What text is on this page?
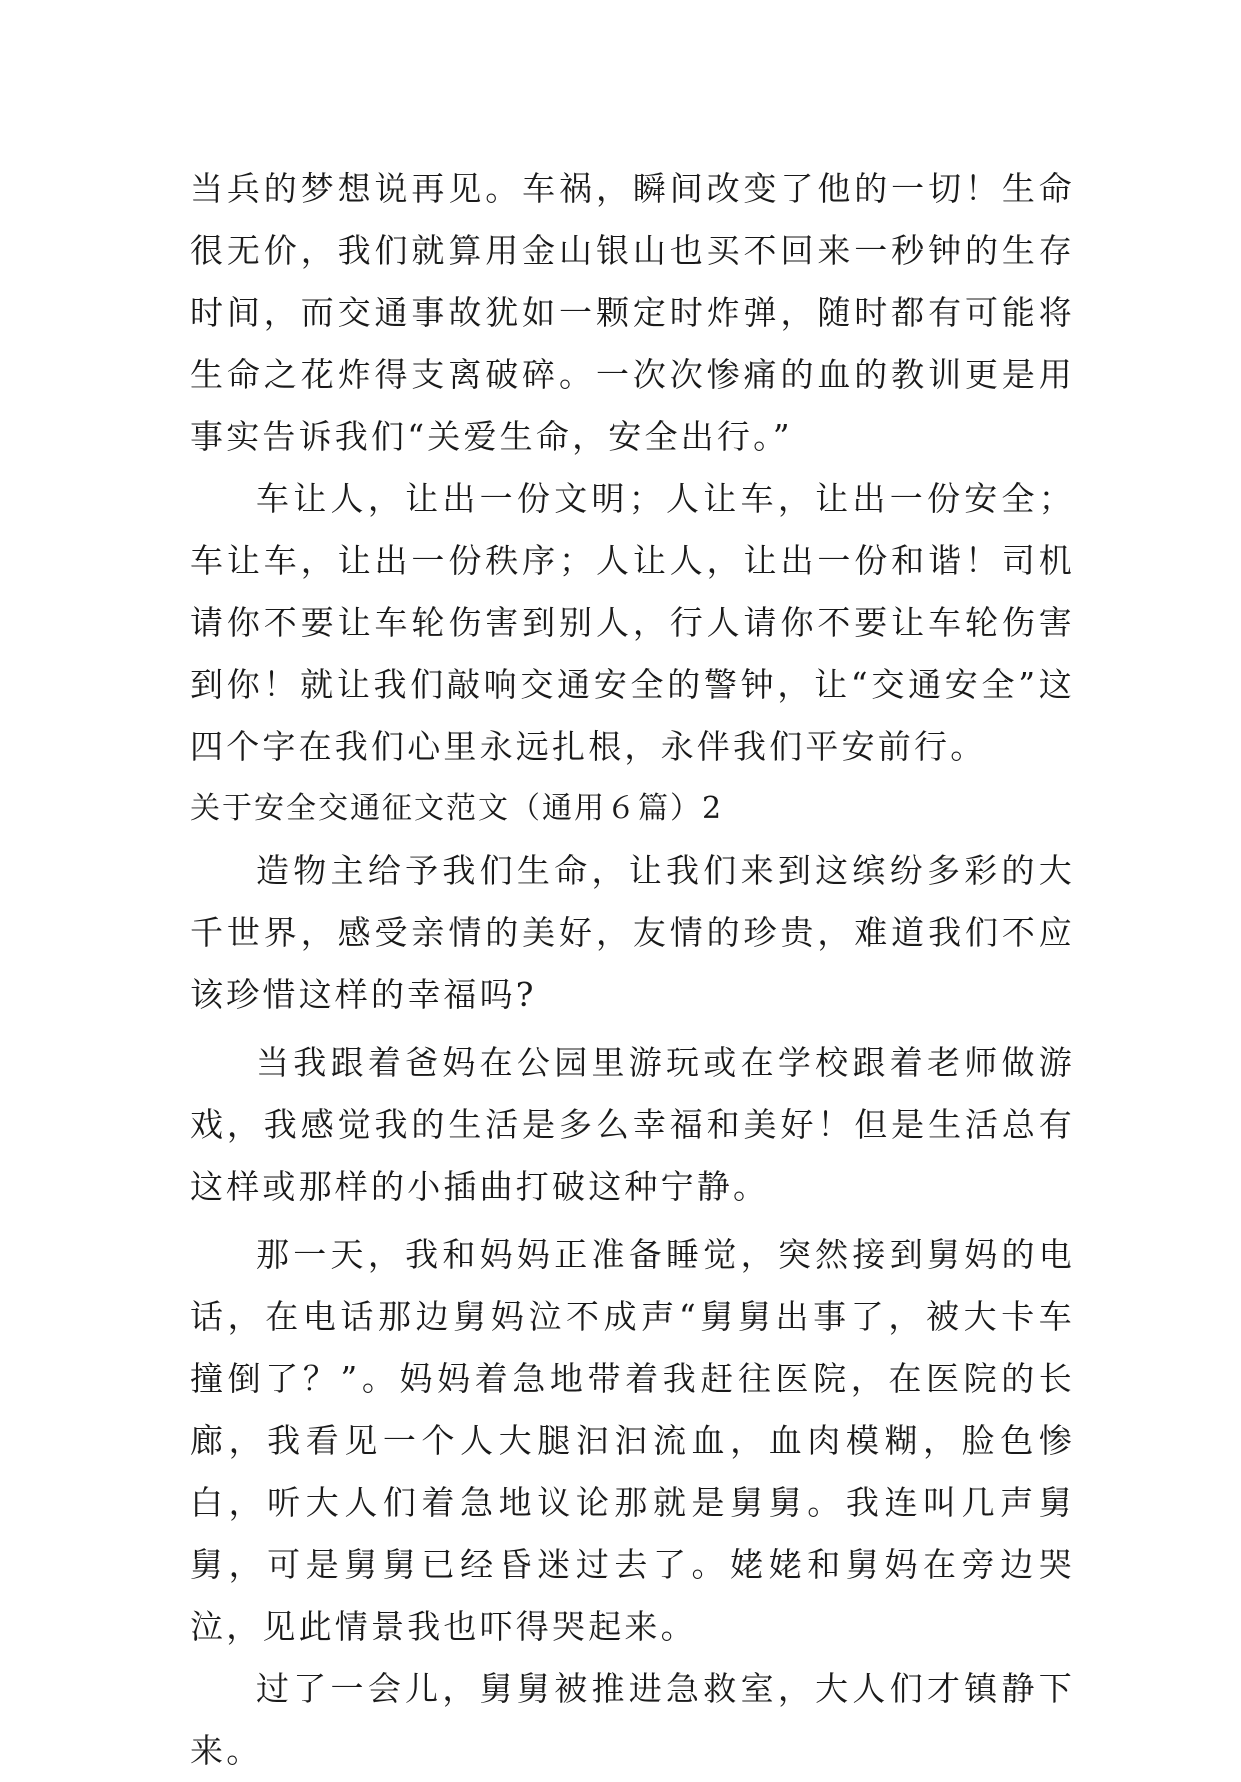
当兵的梦想说再见。车祸，瞬间改变了他的一切！生命很无价，我们就算用金山银山也买不回来一秒钟的生存时间，而交通事故犹如一颗定时炸弹，随时都有可能将生命之花炸得支离破碎。一次次惨痛的血的教训更是用事实告诉我们“关爱生命，安全出行。”

车让人，让出一份文明；人让车，让出一份安全；车让车，让出一份秩序；人让人，让出一份和谐！司机请你不要让车轮伤害到别人，行人请你不要让车轮伤害到你！就让我们敲响交通安全的警钟，让“交通安全”这四个字在我们心里永远扎根，永伴我们平安前行。

关于安全交通征文范文（通用６篇）2

造物主给予我们生命，让我们来到这缤纷多彩的大千世界，感受亲情的美好，友情的珍贵，难道我们不应该珍惜这样的幸福吗?

当我跟着爸妈在公园里游玩或在学校跟着老师做游戏，我感觉我的生活是多么幸福和美好！但是生活总有这样或那样的小插曲打破这种宁静。

那一天，我和妈妈正准备睡觉，突然接到舅妈的电话，在电话那边舅妈泣不成声“舅舅出事了，被大卡车撞倒了？”。妈妈着急地带着我赶往医院，在医院的长廊，我看见一个人大腿汩汩流血，血肉模糊，脸色惨白，听大人们着急地议论那就是舅舅。我连叫几声舅舅，可是舅舅已经昏迷过去了。姥姥和舅妈在旁边哭泣，见此情景我也吓得哭起来。

过了一会儿，舅舅被推进急救室，大人们才镇静下来。
